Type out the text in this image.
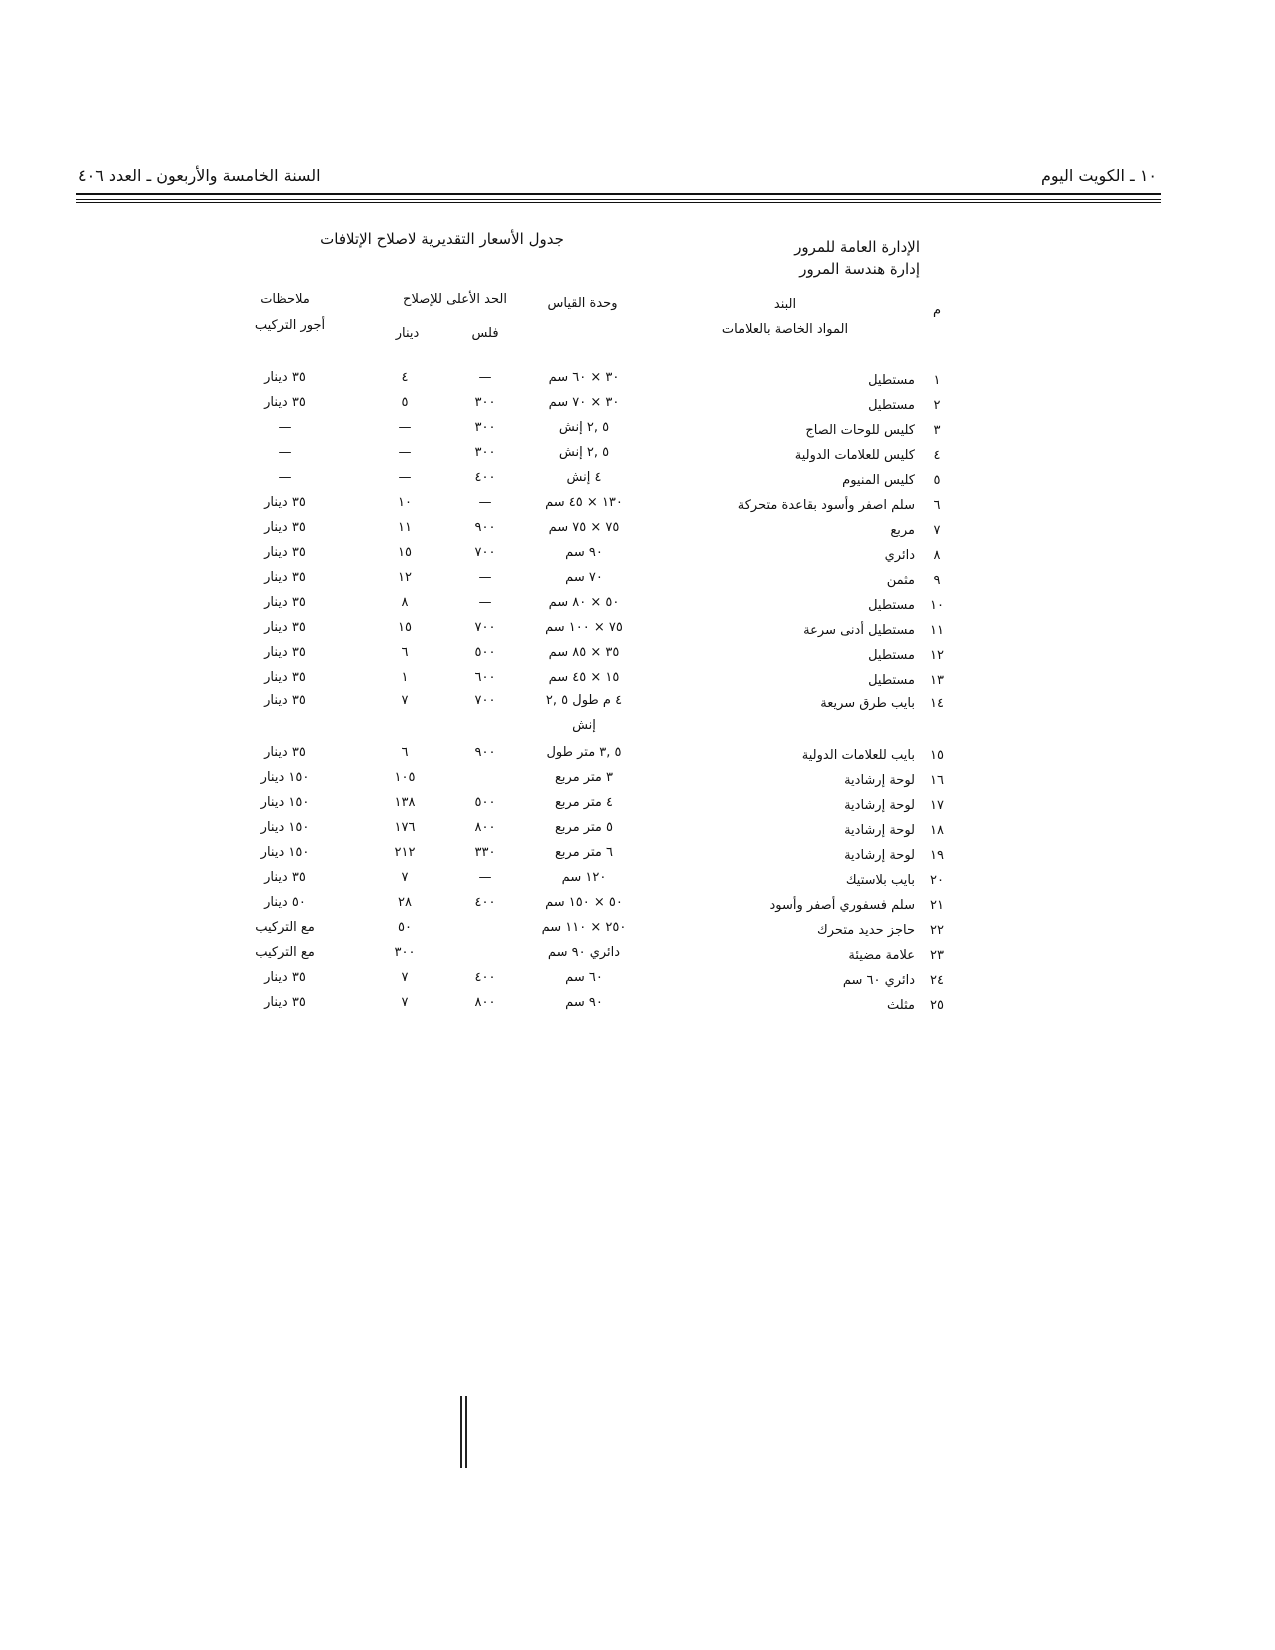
السنة الخامسة والأربعون ـ العدد ٤٠٦	١٠ ـ الكويت اليوم
الإدارة العامة للمرور
إدارة هندسة المرور
جدول الأسعار التقديرية لاصلاح الإتلافات
م
البند
المواد الخاصة بالعلامات
وحدة القياس
الحد الأعلى للإصلاح
فلس
دينار
ملاحظات
أجور التركيب
١
مستطيل
٣٠ × ٦٠ سم
—
٤
٣٥ دينار
٢
مستطيل
٣٠ × ٧٠ سم
٣٠٠
٥
٣٥ دينار
٣
كليس للوحات الصاج
٥ ,٢ إنش
٣٠٠
—
—
٤
كليس للعلامات الدولية
٥ ,٢ إنش
٣٠٠
—
—
٥
كليس المنيوم
٤ إنش
٤٠٠
—
—
٦
سلم اصفر وأسود بقاعدة متحركة
١٣٠ × ٤٥ سم
—
١٠
٣٥ دينار
٧
مربع
٧٥ × ٧٥ سم
٩٠٠
١١
٣٥ دينار
٨
دائري
٩٠ سم
٧٠٠
١٥
٣٥ دينار
٩
مثمن
٧٠ سم
—
١٢
٣٥ دينار
١٠
مستطيل
٥٠ × ٨٠ سم
—
٨
٣٥ دينار
١١
مستطيل أدنى سرعة
٧٥ × ١٠٠ سم
٧٠٠
١٥
٣٥ دينار
١٢
مستطيل
٣٥ × ٨٥ سم
٥٠٠
٦
٣٥ دينار
١٣
مستطيل
١٥ × ٤٥ سم
٦٠٠
١
٣٥ دينار
١٤
بايب طرق سريعة
٤ م طول ٥ ,٢
٧٠٠
٧
٣٥ دينار
إنش
١٥
بايب للعلامات الدولية
٥ ,٣ متر طول
٩٠٠
٦
٣٥ دينار
١٦
لوحة إرشادية
٣ متر مربع
١٠٥
١٥٠ دينار
١٧
لوحة إرشادية
٤ متر مربع
٥٠٠
١٣٨
١٥٠ دينار
١٨
لوحة إرشادية
٥ متر مربع
٨٠٠
١٧٦
١٥٠ دينار
١٩
لوحة إرشادية
٦ متر مربع
٣٣٠
٢١٢
١٥٠ دينار
٢٠
بايب بلاستيك
١٢٠ سم
—
٧
٣٥ دينار
٢١
سلم فسفوري أصفر وأسود
٥٠ × ١٥٠ سم
٤٠٠
٢٨
٥٠ دينار
٢٢
حاجز حديد متحرك
٢٥٠ × ١١٠ سم
٥٠
مع التركيب
٢٣
علامة مضيئة
دائري ٩٠ سم
٣٠٠
مع التركيب
٢٤
دائري ٦٠ سم
٦٠ سم
٤٠٠
٧
٣٥ دينار
٢٥
مثلث
٩٠ سم
٨٠٠
٧
٣٥ دينار
